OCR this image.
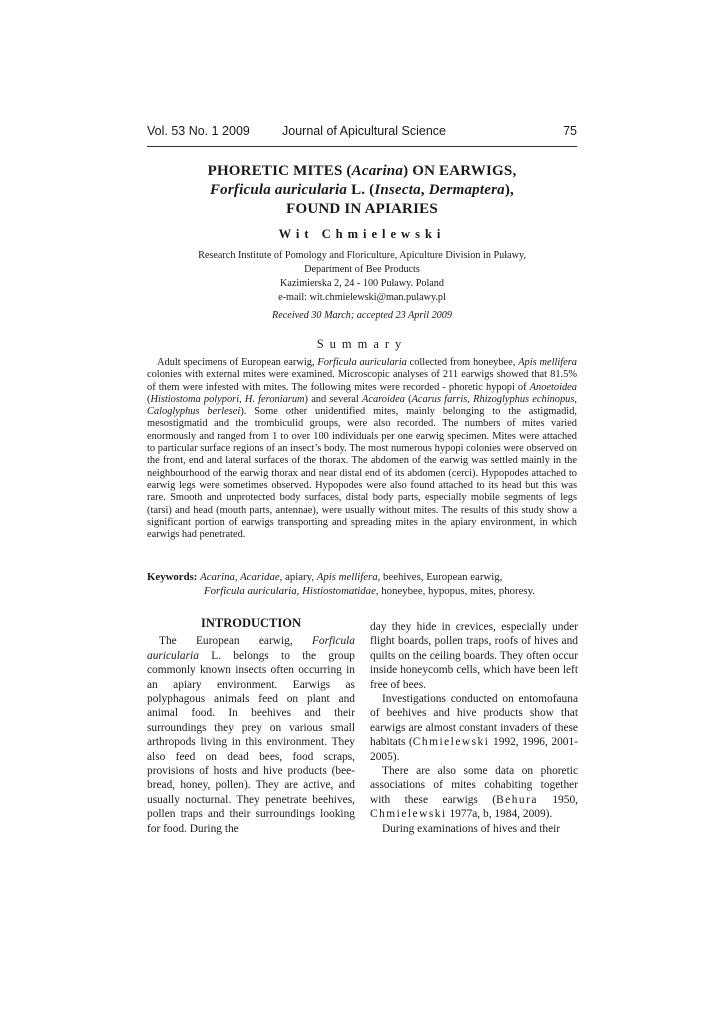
Vol. 53 No. 1 2009	Journal of Apicultural Science	75
PHORETIC MITES (Acarina) ON EARWIGS,
Forficula auricularia L. (Insecta, Dermaptera),
FOUND IN APIARIES
Wit Chmielewski
Research Institute of Pomology and Floriculture, Apiculture Division in Puławy,
Department of Bee Products
Kazimierska 2, 24 - 100 Puławy. Poland
e-mail: wit.chmielewski@man.pulawy.pl
Received 30 March; accepted 23 April 2009
Summary

Adult specimens of European earwig, Forficula auricularia collected from honeybee, Apis mellifera colonies with external mites were examined. Microscopic analyses of 211 earwigs showed that 81.5% of them were infested with mites. The following mites were recorded - phoretic hypopi of Anoetoidea (Histiostoma polypori, H. feroniarum) and several Acaroidea (Acarus farris, Rhizoglyphus echinopus, Caloglyphus berlesei). Some other unidentified mites, mainly belonging to the astigmadid, mesostigmatid and the trombiculid groups, were also recorded. The numbers of mites varied enormously and ranged from 1 to over 100 individuals per one earwig specimen. Mites were attached to particular surface regions of an insect’s body. The most numerous hypopi colonies were observed on the front, end and lateral surfaces of the thorax. The abdomen of the earwig was settled mainly in the neighbourhood of the earwig thorax and near distal end of its abdomen (cerci). Hypopodes attached to earwig legs were sometimes observed. Hypopodes were also found attached to its head but this was rare. Smooth and unprotected body surfaces, distal body parts, especially mobile segments of legs (tarsi) and head (mouth parts, antennae), were usually without mites. The results of this study show a significant portion of earwigs transporting and spreading mites in the apiary environment, in which earwigs had penetrated.

Keywords: Acarina, Acaridae, apiary, Apis mellifera, beehives, European earwig,
Forficula auricularia, Histiostomatidae, honeybee, hypopus, mites, phoresy.
INTRODUCTION

The European earwig, Forficula auricularia L. belongs to the group commonly known insects often occurring in an apiary environment. Earwigs as polyphagous animals feed on plant and animal food. In beehives and their surroundings they prey on various small arthropods living in this environment. They also feed on dead bees, food scraps, provisions of hosts and hive products (bee-bread, honey, pollen). They are active, and usually nocturnal. They penetrate beehives, pollen traps and their surroundings looking for food. During the

day they hide in crevices, especially under flight boards, pollen traps, roofs of hives and quilts on the ceiling boards. They often occur inside honeycomb cells, which have been left free of bees.

Investigations conducted on entomofauna of beehives and hive products show that earwigs are almost constant invaders of these habitats (Chmielewski 1992, 1996, 2001-2005).

There are also some data on phoretic associations of mites cohabiting together with these earwigs (Behura 1950, Chmielewski 1977a, b, 1984, 2009).

During examinations of hives and their
